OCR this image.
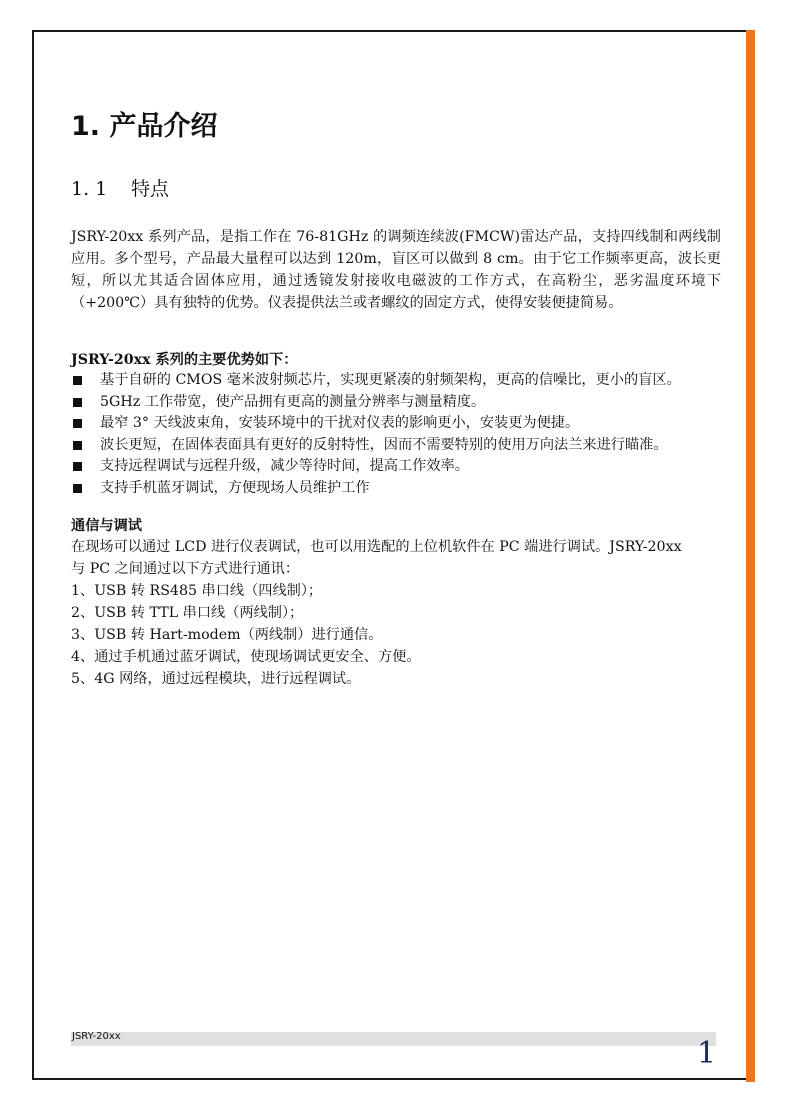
1. 产品介绍
1. 1 特点
JSRY-20xx 系列产品，是指工作在 76-81GHz 的调频连续波(FMCW)雷达产品，支持四线制和两线制应用。多个型号，产品最大量程可以达到 120m，盲区可以做到 8 cm。由于它工作频率更高，波长更短，所以尤其适合固体应用，通过透镜发射接收电磁波的工作方式，在高粉尘，恶劣温度环境下（+200℃）具有独特的优势。仪表提供法兰或者螺纹的固定方式，使得安装便捷简易。
JSRY-20xx 系列的主要优势如下：
基于自研的 CMOS 毫米波射频芯片，实现更紧凑的射频架构，更高的信噪比，更小的盲区。
5GHz 工作带宽，使产品拥有更高的测量分辨率与测量精度。
最窄 3° 天线波束角，安装环境中的干扰对仪表的影响更小，安装更为便捷。
波长更短，在固体表面具有更好的反射特性，因而不需要特别的使用万向法兰来进行瞄准。
支持远程调试与远程升级，减少等待时间，提高工作效率。
支持手机蓝牙调试，方便现场人员维护工作
通信与调试
在现场可以通过 LCD 进行仪表调试，也可以用选配的上位机软件在 PC 端进行调试。JSRY-20xx
与 PC 之间通过以下方式进行通讯：
1、USB 转 RS485 串口线（四线制）；
2、USB 转 TTL 串口线（两线制）；
3、USB 转 Hart-modem（两线制）进行通信。
4、通过手机通过蓝牙调试，使现场调试更安全、方便。
5、4G 网络，通过远程模块，进行远程调试。
JSRY-20xx	1
